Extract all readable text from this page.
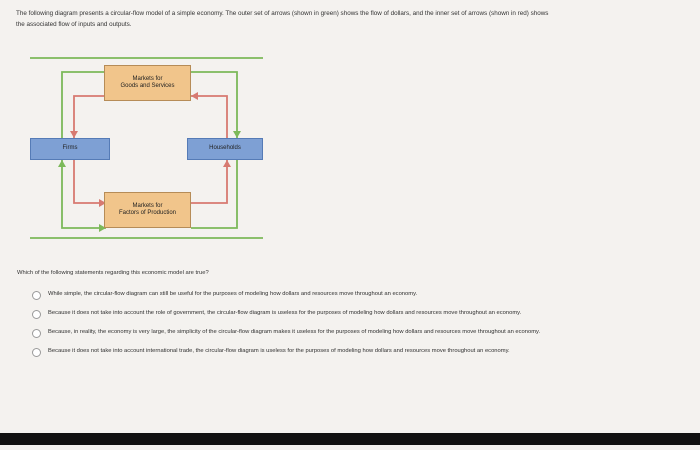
The following diagram presents a circular-flow model of a simple economy. The outer set of arrows (shown in green) shows the flow of dollars, and the inner set of arrows (shown in red) shows the associated flow of inputs and outputs.
Markets for
Goods and Services
Firms	Households
Markets for
Factors of Production
Which of the following statements regarding this economic model are true?
While simple, the circular-flow diagram can still be useful for the purposes of modeling how dollars and resources move throughout an economy.
Because it does not take into account the role of government, the circular-flow diagram is useless for the purposes of modeling how dollars and resources move throughout an economy.
Because, in reality, the economy is very large, the simplicity of the circular-flow diagram makes it useless for the purposes of modeling how dollars and resources move throughout an economy.
Because it does not take into account international trade, the circular-flow diagram is useless for the purposes of modeling how dollars and resources move throughout an economy.
